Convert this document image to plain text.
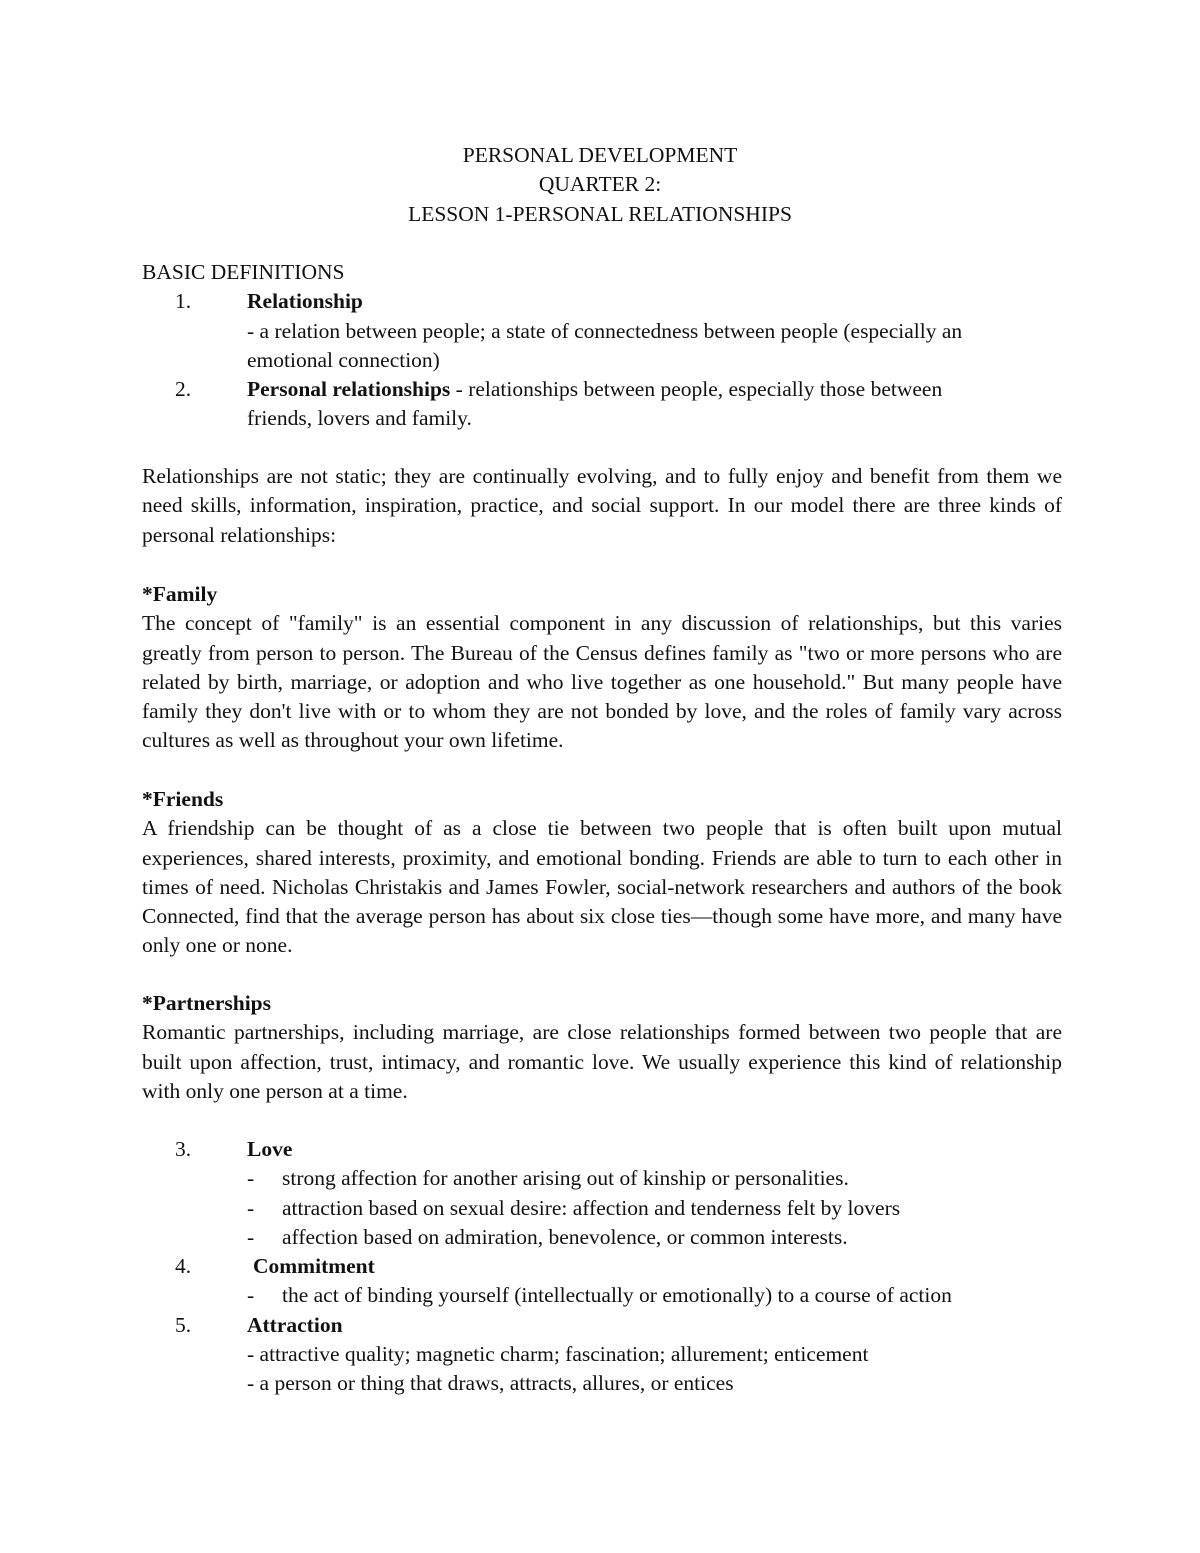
PERSONAL DEVELOPMENT
QUARTER 2:
LESSON 1-PERSONAL RELATIONSHIPS
BASIC DEFINITIONS
1.	Relationship
- a relation between people; a state of connectedness between people (especially an
emotional connection)
2.	Personal relationships - relationships between people, especially those between
friends, lovers and family.
Relationships are not static; they are continually evolving, and to fully enjoy and benefit from them we need skills, information, inspiration, practice, and social support. In our model there are three kinds of personal relationships:
*Family
The concept of "family" is an essential component in any discussion of relationships, but this varies greatly from person to person. The Bureau of the Census defines family as "two or more persons who are related by birth, marriage, or adoption and who live together as one household." But many people have family they don't live with or to whom they are not bonded by love, and the roles of family vary across cultures as well as throughout your own lifetime.
*Friends
A friendship can be thought of as a close tie between two people that is often built upon mutual experiences, shared interests, proximity, and emotional bonding. Friends are able to turn to each other in times of need. Nicholas Christakis and James Fowler, social-network researchers and authors of the book Connected, find that the average person has about six close ties—though some have more, and many have only one or none.
*Partnerships
Romantic partnerships, including marriage, are close relationships formed between two people that are built upon affection, trust, intimacy, and romantic love. We usually experience this kind of relationship with only one person at a time.
3.	Love
- strong affection for another arising out of kinship or personalities.
- attraction based on sexual desire: affection and tenderness felt by lovers
- affection based on admiration, benevolence, or common interests.
4.	Commitment
- the act of binding yourself (intellectually or emotionally) to a course of action
5.	Attraction
- attractive quality; magnetic charm; fascination; allurement; enticement
- a person or thing that draws, attracts, allures, or entices
